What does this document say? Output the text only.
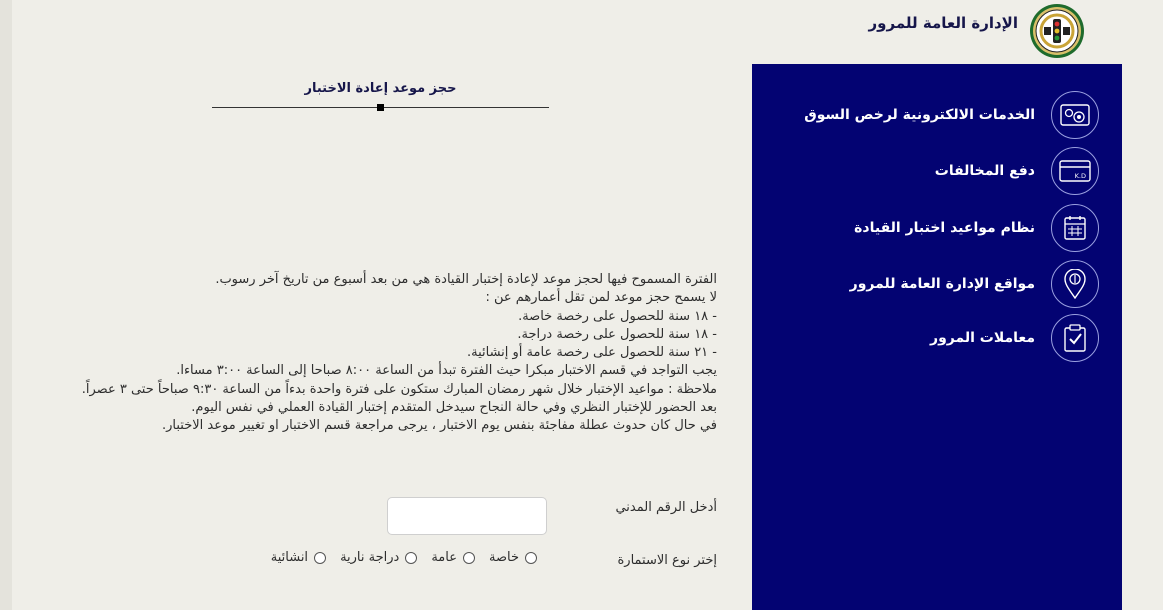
الإدارة العامة للمرور
الخدمات الالكترونية لرخص السوق
K.D
دفع المخالفات
نظام مواعيد اختبار القيادة
مواقع الإدارة العامة للمرور
معاملات المرور
حجز موعد إعادة الاختبار

الفترة المسموح فيها لحجز موعد لإعادة إختبار القيادة هي من بعد أسبوع من تاريخ آخر رسوب.

لا يسمح حجز موعد لمن تقل أعمارهم عن :

- ١٨ سنة للحصول على رخصة خاصة.

- ١٨ سنة للحصول على رخصة دراجة.

- ٢١ سنة للحصول على رخصة عامة أو إنشائية.

يجب التواجد في قسم الاختبار مبكرا حيث الفترة تبدأ من الساعة ٨:٠٠ صباحا إلى الساعة ٣:٠٠ مساءا.

ملاحظة : مواعيد الإختبار خلال شهر رمضان المبارك ستكون على فترة واحدة بدءاً من الساعة ٩:٣٠ صباحاً حتى ٣ عصراً.

بعد الحضور للإختبار النظري وفي حالة النجاح سيدخل المتقدم إختبار القيادة العملي في نفس اليوم.

في حال كان حدوث عطلة مفاجئة بنفس يوم الاختبار ، يرجى مراجعة قسم الاختبار او تغيير موعد الاختبار.

أدخل الرقم المدني
إختر نوع الاستمارة
خاصة
عامة
دراجة نارية
انشائية
